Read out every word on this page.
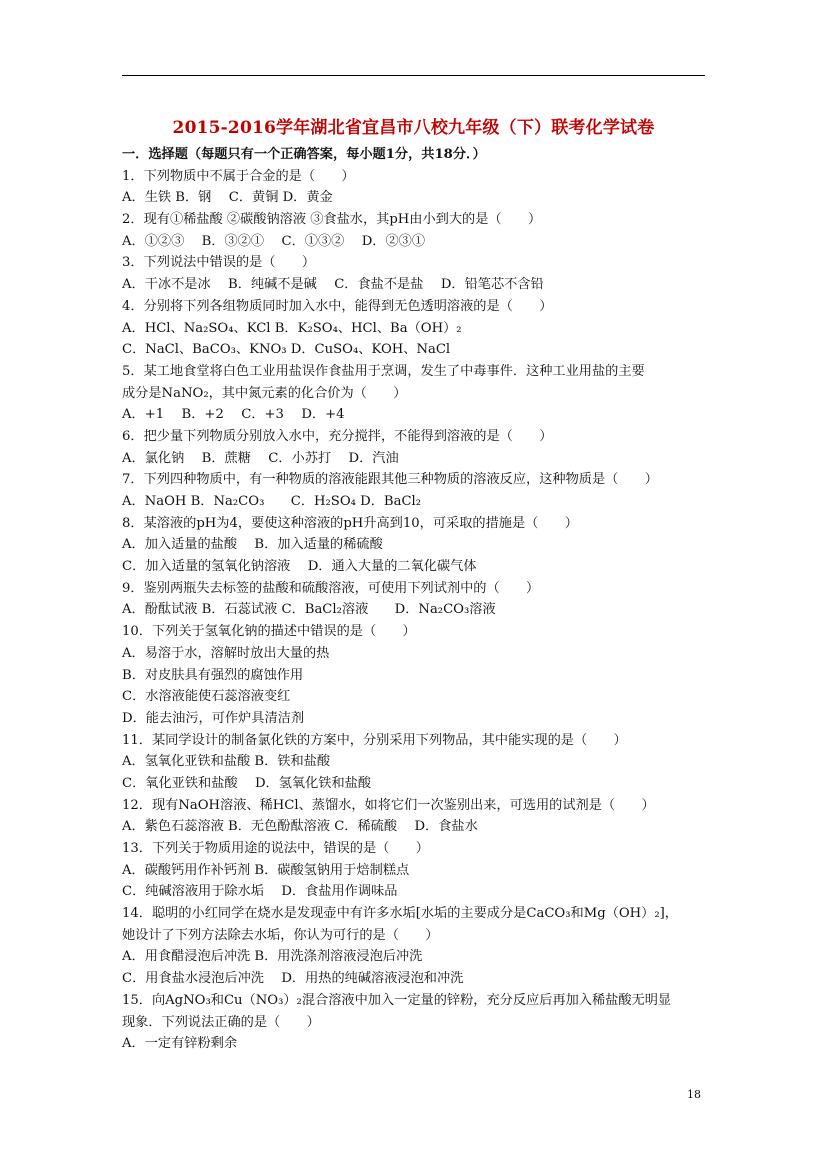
2015-2016学年湖北省宜昌市八校九年级（下）联考化学试卷
一．选择题（每题只有一个正确答案，每小题1分，共18分．）
1．下列物质中不属于合金的是（　　）
A．生铁 B．钢　 C．黄铜 D．黄金
2．现有①稀盐酸 ②碳酸钠溶液 ③食盐水，其pH由小到大的是（　　）
A．①②③　 B．③②①　 C．①③②　 D．②③①
3．下列说法中错误的是（　　）
A．干冰不是冰　 B．纯碱不是碱　 C．食盐不是盐　 D．铅笔芯不含铅
4．分别将下列各组物质同时加入水中，能得到无色透明溶液的是（　　）
A．HCl、Na₂SO₄、KCl B．K₂SO₄、HCl、Ba（OH）₂
C．NaCl、BaCO₃、KNO₃ D．CuSO₄、KOH、NaCl
5．某工地食堂将白色工业用盐误作食盐用于烹调，发生了中毒事件．这种工业用盐的主要
成分是NaNO₂，其中氮元素的化合价为（　　）
A．+1　 B．+2　 C．+3　 D．+4
6．把少量下列物质分别放入水中，充分搅拌，不能得到溶液的是（　　）
A．氯化钠　 B．蔗糖　 C．小苏打　 D．汽油
7．下列四种物质中，有一种物质的溶液能跟其他三种物质的溶液反应，这种物质是（　　）
A．NaOH B．Na₂CO₃　　C．H₂SO₄ D．BaCl₂
8．某溶液的pH为4，要使这种溶液的pH升高到10，可采取的措施是（　　）
A．加入适量的盐酸　 B．加入适量的稀硫酸
C．加入适量的氢氧化钠溶液　 D．通入大量的二氧化碳气体
9．鉴别两瓶失去标签的盐酸和硫酸溶液，可使用下列试剂中的（　　）
A．酚酞试液 B．石蕊试液 C．BaCl₂溶液　　D．Na₂CO₃溶液
10．下列关于氢氧化钠的描述中错误的是（　　）
A．易溶于水，溶解时放出大量的热
B．对皮肤具有强烈的腐蚀作用
C．水溶液能使石蕊溶液变红
D．能去油污，可作炉具清洁剂
11．某同学设计的制备氯化铁的方案中，分别采用下列物品，其中能实现的是（　　）
A．氢氧化亚铁和盐酸 B．铁和盐酸
C．氧化亚铁和盐酸　 D．氢氧化铁和盐酸
12．现有NaOH溶液、稀HCl、蒸馏水，如将它们一次鉴别出来，可选用的试剂是（　　）
A．紫色石蕊溶液 B．无色酚酞溶液 C．稀硫酸　 D．食盐水
13．下列关于物质用途的说法中，错误的是（　　）
A．碳酸钙用作补钙剂 B．碳酸氢钠用于焙制糕点
C．纯碱溶液用于除水垢　 D．食盐用作调味品
14．聪明的小红同学在烧水是发现壶中有许多水垢[水垢的主要成分是CaCO₃和Mg（OH）₂]，
她设计了下列方法除去水垢，你认为可行的是（　　）
A．用食醋浸泡后冲洗 B．用洗涤剂溶液浸泡后冲洗
C．用食盐水浸泡后冲洗　 D．用热的纯碱溶液浸泡和冲洗
15．向AgNO₃和Cu（NO₃）₂混合溶液中加入一定量的锌粉，充分反应后再加入稀盐酸无明显
现象．下列说法正确的是（　　）
A．一定有锌粉剩余
18
